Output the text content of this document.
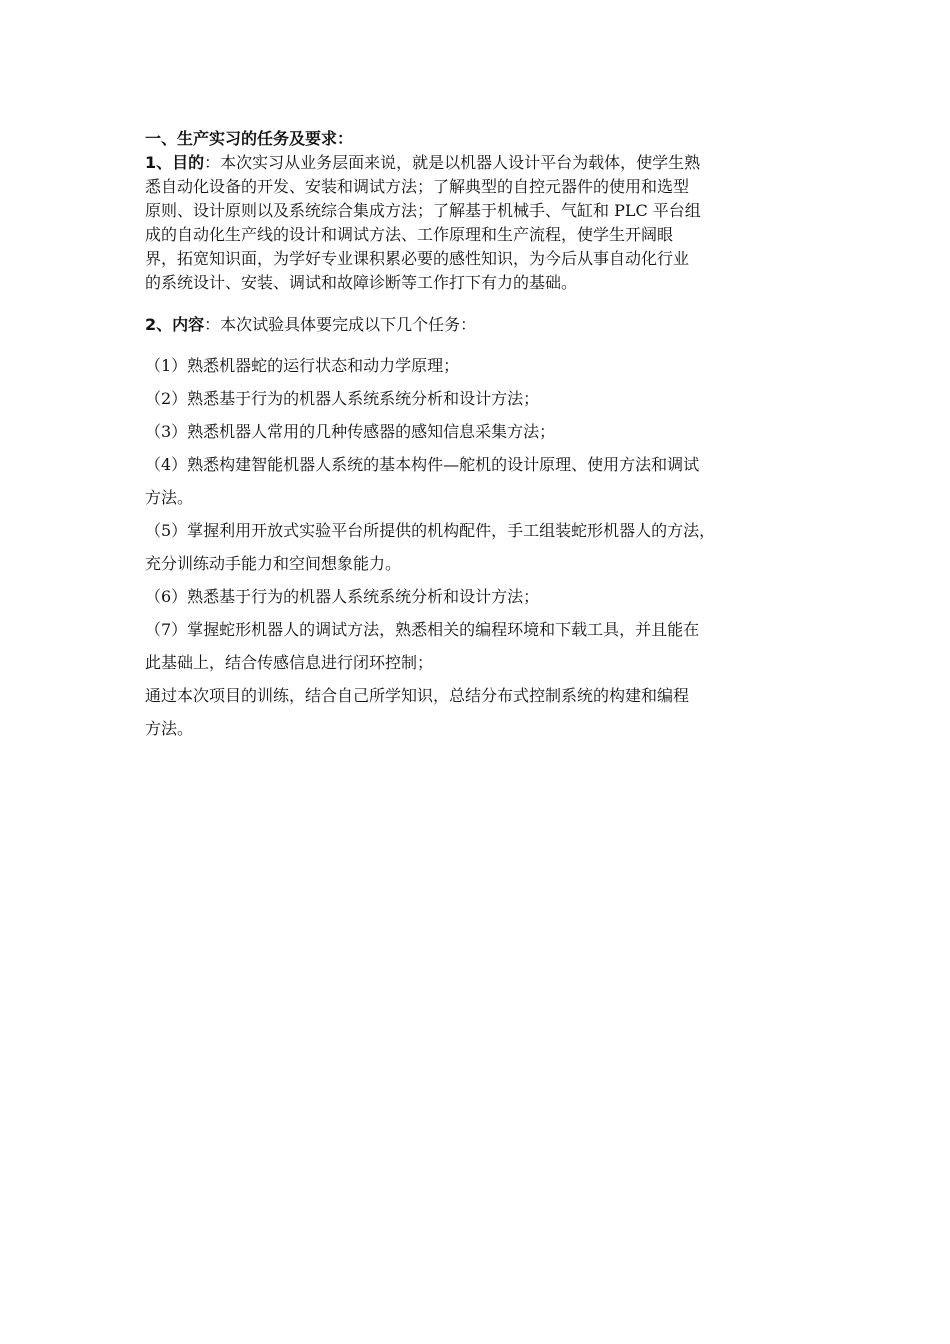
一、生产实习的任务及要求：

1、目的：本次实习从业务层面来说，就是以机器人设计平台为载体，使学生熟
悉自动化设备的开发、安装和调试方法；了解典型的自控元器件的使用和选型
原则、设计原则以及系统综合集成方法；了解基于机械手、气缸和 PLC 平台组
成的自动化生产线的设计和调试方法、工作原理和生产流程，使学生开阔眼
界，拓宽知识面，为学好专业课积累必要的感性知识，为今后从事自动化行业
的系统设计、安装、调试和故障诊断等工作打下有力的基础。

2、内容：本次试验具体要完成以下几个任务：

（1）熟悉机器蛇的运行状态和动力学原理；

（2）熟悉基于行为的机器人系统系统分析和设计方法；

（3）熟悉机器人常用的几种传感器的感知信息采集方法；

（4）熟悉构建智能机器人系统的基本构件—舵机的设计原理、使用方法和调试

方法。

（5）掌握利用开放式实验平台所提供的机构配件，手工组装蛇形机器人的方法，

充分训练动手能力和空间想象能力。

（6）熟悉基于行为的机器人系统系统分析和设计方法；

（7）掌握蛇形机器人的调试方法，熟悉相关的编程环境和下载工具，并且能在

此基础上，结合传感信息进行闭环控制；

通过本次项目的训练，结合自己所学知识，总结分布式控制系统的构建和编程

方法。
